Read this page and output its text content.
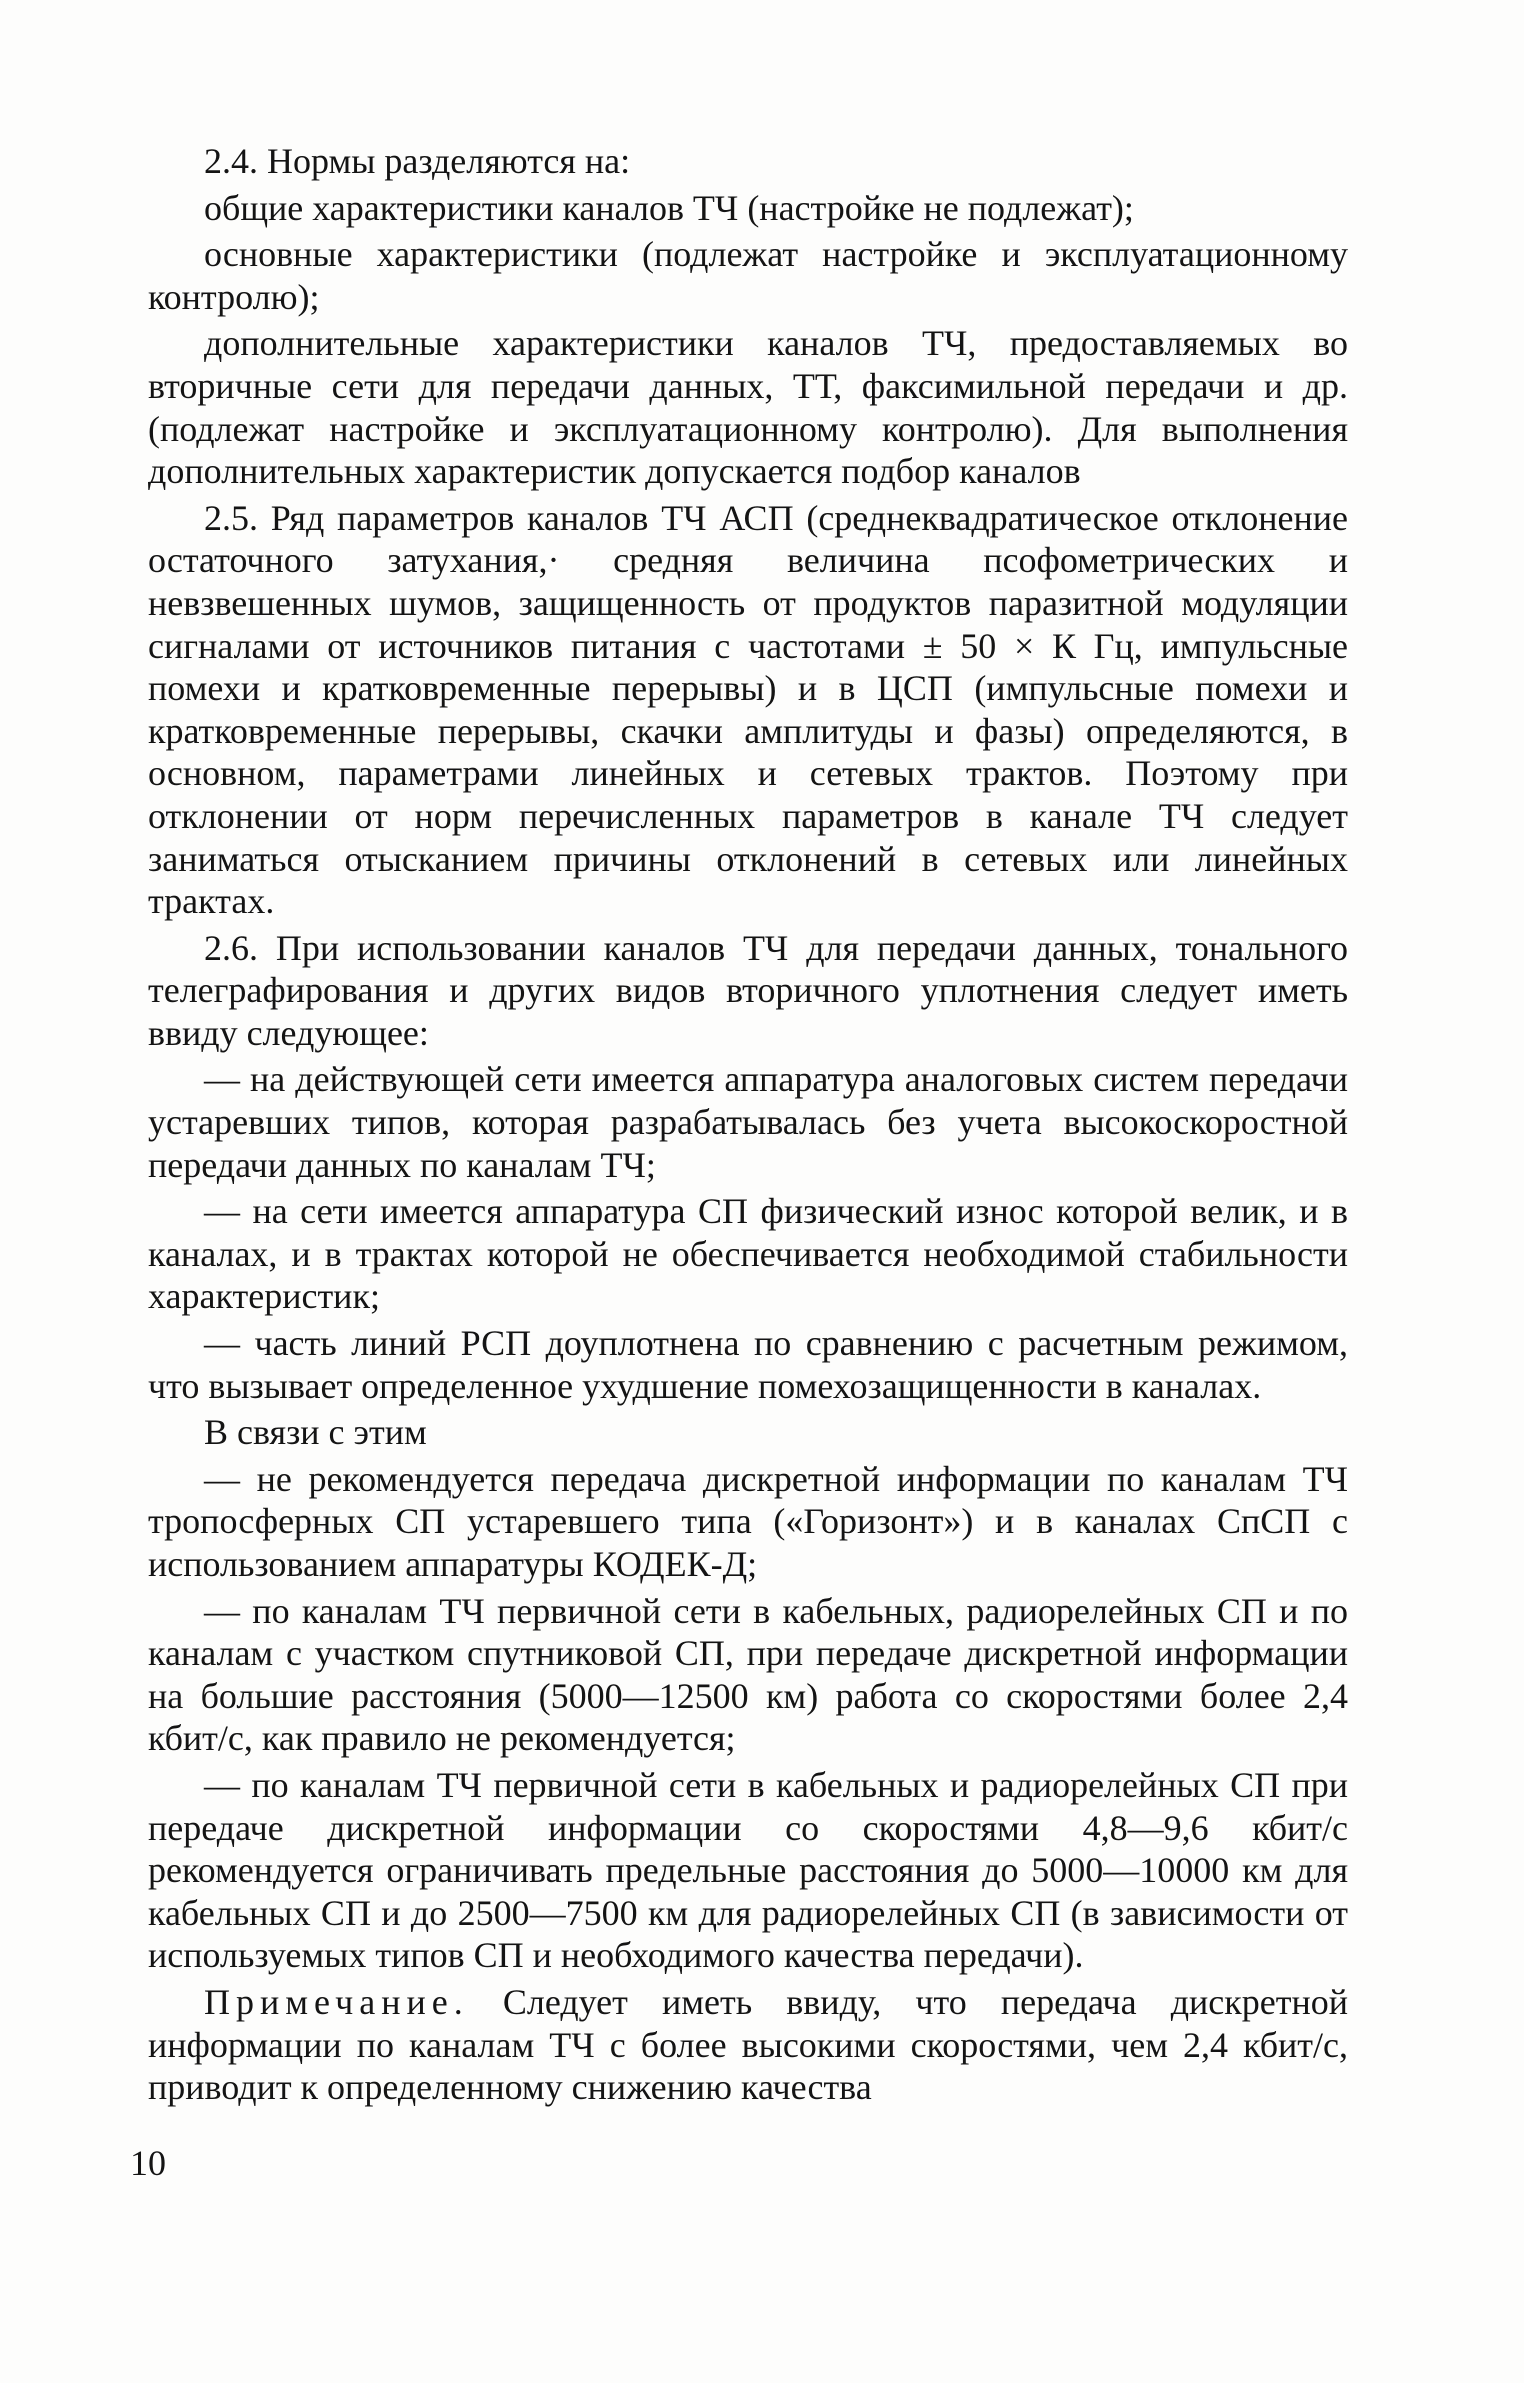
2.4. Нормы разделяются на:

общие характеристики каналов ТЧ (настройке не подлежат);

основные характеристики (подлежат настройке и эксплуатационному контролю);

дополнительные характеристики каналов ТЧ, предоставляемых во вторичные сети для передачи данных, ТТ, факсимильной передачи и др. (подлежат настройке и эксплуатационному контролю). Для выполнения дополнительных характеристик допускается подбор каналов

2.5. Ряд параметров каналов ТЧ АСП (среднеквадратическое отклонение остаточного затухания,· средняя величина псофометрических и невзвешенных шумов, защищенность от продуктов паразитной модуляции сигналами от источников питания с частотами ± 50 × К Гц, импульсные помехи и кратковременные перерывы) и в ЦСП (импульсные помехи и кратковременные перерывы, скачки амплитуды и фазы) определяются, в основном, параметрами линейных и сетевых трактов. Поэтому при отклонении от норм перечисленных параметров в канале ТЧ следует заниматься отысканием причины отклонений в сетевых или линейных трактах.

2.6. При использовании каналов ТЧ для передачи данных, тонального телеграфирования и других видов вторичного уплотнения следует иметь ввиду следующее:

— на действующей сети имеется аппаратура аналоговых систем передачи устаревших типов, которая разрабатывалась без учета высокоскоростной передачи данных по каналам ТЧ;

— на сети имеется аппаратура СП физический износ которой велик, и в каналах, и в трактах которой не обеспечивается необходимой стабильности характеристик;

— часть линий РСП доуплотнена по сравнению с расчетным режимом, что вызывает определенное ухудшение помехозащищенности в каналах.

В связи с этим

— не рекомендуется передача дискретной информации по каналам ТЧ тропосферных СП устаревшего типа («Горизонт») и в каналах СпСП с использованием аппаратуры КОДЕК-Д;

— по каналам ТЧ первичной сети в кабельных, радиорелейных СП и по каналам с участком спутниковой СП, при передаче дискретной информации на большие расстояния (5000—12500 км) работа со скоростями более 2,4 кбит/с, как правило не рекомендуется;

— по каналам ТЧ первичной сети в кабельных и радиорелейных СП при передаче дискретной информации со скоростями 4,8—9,6 кбит/с рекомендуется ограничивать предельные расстояния до 5000—10000 км для кабельных СП и до 2500—7500 км для радиорелейных СП (в зависимости от используемых типов СП и необходимого качества передачи).

Примечание. Следует иметь ввиду, что передача дискретной информации по каналам ТЧ с более высокими скоростями, чем 2,4 кбит/с, приводит к определенному снижению качества

10
